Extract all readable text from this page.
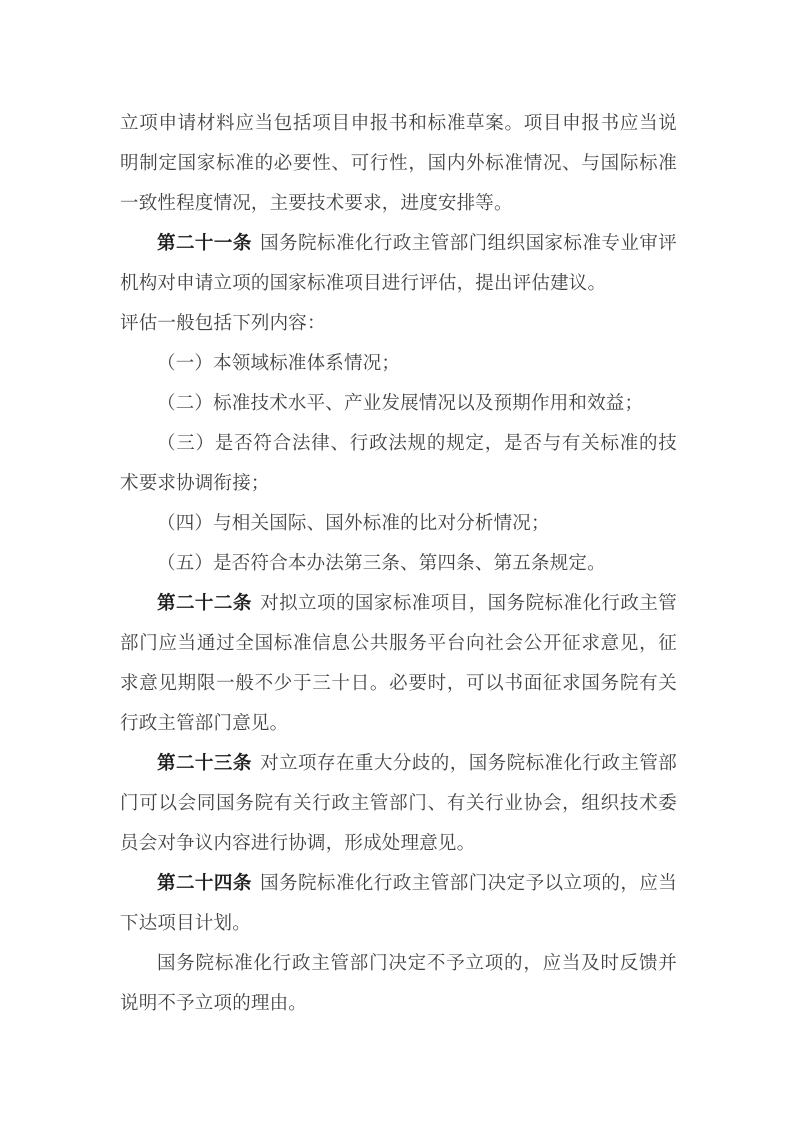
立项申请材料应当包括项目申报书和标准草案。项目申报书应当说明制定国家标准的必要性、可行性，国内外标准情况、与国际标准一致性程度情况，主要技术要求，进度安排等。

第二十一条 国务院标准化行政主管部门组织国家标准专业审评机构对申请立项的国家标准项目进行评估，提出评估建议。

评估一般包括下列内容：

（一）本领域标准体系情况；

（二）标准技术水平、产业发展情况以及预期作用和效益；

（三）是否符合法律、行政法规的规定，是否与有关标准的技术要求协调衔接；

（四）与相关国际、国外标准的比对分析情况；

（五）是否符合本办法第三条、第四条、第五条规定。

第二十二条 对拟立项的国家标准项目，国务院标准化行政主管部门应当通过全国标准信息公共服务平台向社会公开征求意见，征求意见期限一般不少于三十日。必要时，可以书面征求国务院有关行政主管部门意见。

第二十三条 对立项存在重大分歧的，国务院标准化行政主管部门可以会同国务院有关行政主管部门、有关行业协会，组织技术委员会对争议内容进行协调，形成处理意见。

第二十四条 国务院标准化行政主管部门决定予以立项的，应当下达项目计划。

国务院标准化行政主管部门决定不予立项的，应当及时反馈并说明不予立项的理由。
